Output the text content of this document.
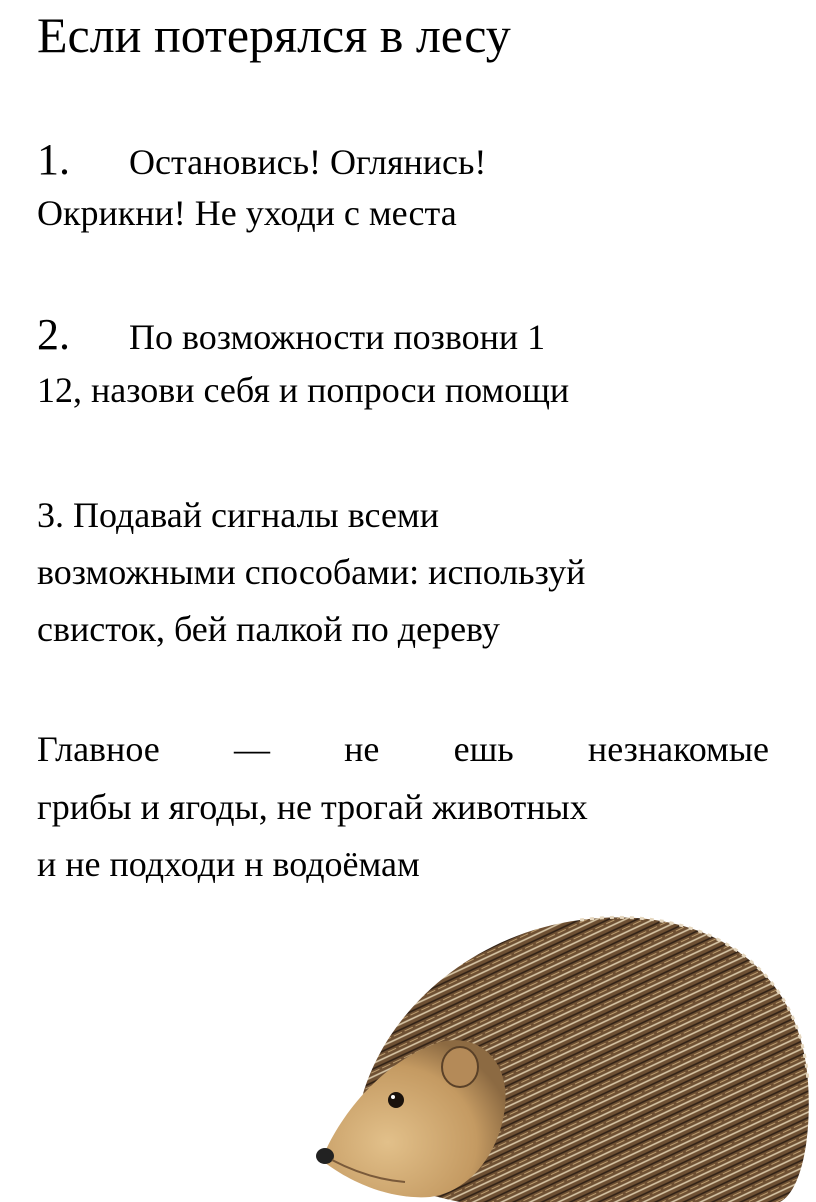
Если потерялся в лесу
1. Остановись! Оглянись!
Окрикни! Не уходи с места
2. По возможности позвони 1
12, назови себя и попроси помощи
3. Подавай сигналы всеми
возможными способами: используй
свисток, бей палкой по дереву
Главное — не ешь незнакомые
грибы и ягоды, не трогай животных
и не подходи н водоёмам
